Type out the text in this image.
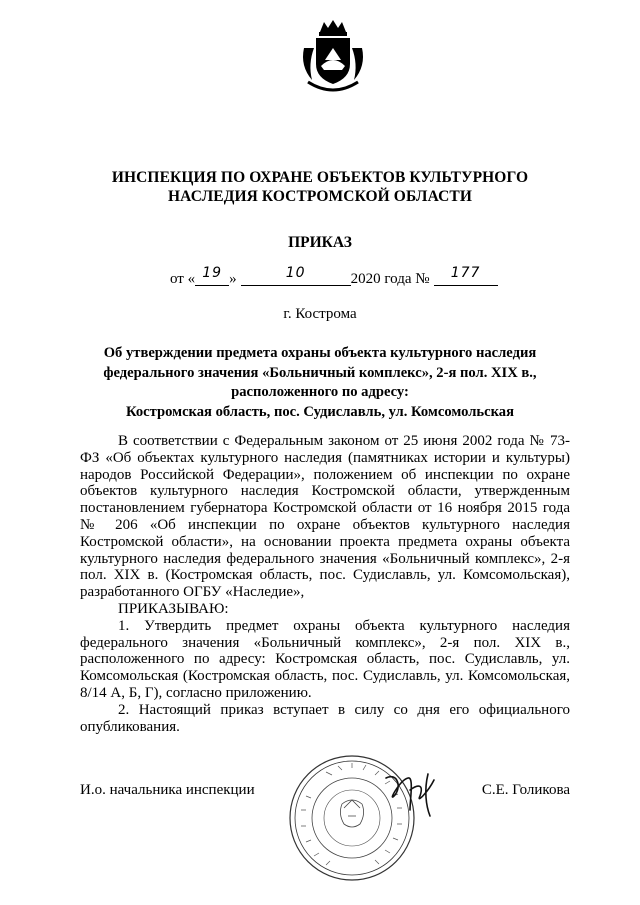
ИНСПЕКЦИЯ ПО ОХРАНЕ ОБЪЕКТОВ КУЛЬТУРНОГО
НАСЛЕДИЯ КОСТРОМСКОЙ ОБЛАСТИ
ПРИКАЗ
от « 19 »	10	2020 года №	177
г. Кострома
Об утверждении предмета охраны объекта культурного наследия
федерального значения «Больничный комплекс», 2-я пол. XIX в.,
расположенного по адресу:
Костромская область, пос. Судиславль, ул. Комсомольская

В соответствии с Федеральным законом от 25 июня 2002 года № 73-ФЗ «Об объектах культурного наследия (памятниках истории и культуры) народов Российской Федерации», положением об инспекции по охране объектов культурного наследия Костромской области, утвержденным постановлением губернатора Костромской области от 16 ноября 2015 года № 206 «Об инспекции по охране объектов культурного наследия Костромской области», на основании проекта предмета охраны объекта культурного наследия федерального значения «Больничный комплекс», 2-я пол. XIX в. (Костромская область, пос. Судиславль, ул. Комсомольская), разработанного ОГБУ «Наследие»,

ПРИКАЗЫВАЮ:

1. Утвердить предмет охраны объекта культурного наследия федерального значения «Больничный комплекс», 2-я пол. XIX в., расположенного по адресу: Костромская область, пос. Судиславль, ул. Комсомольская (Костромская область, пос. Судиславль, ул. Комсомольская, 8/14 А, Б, Г), согласно приложению.

2. Настоящий приказ вступает в силу со дня его официального опубликования.

И.о. начальника инспекции	С.Е. Голикова
